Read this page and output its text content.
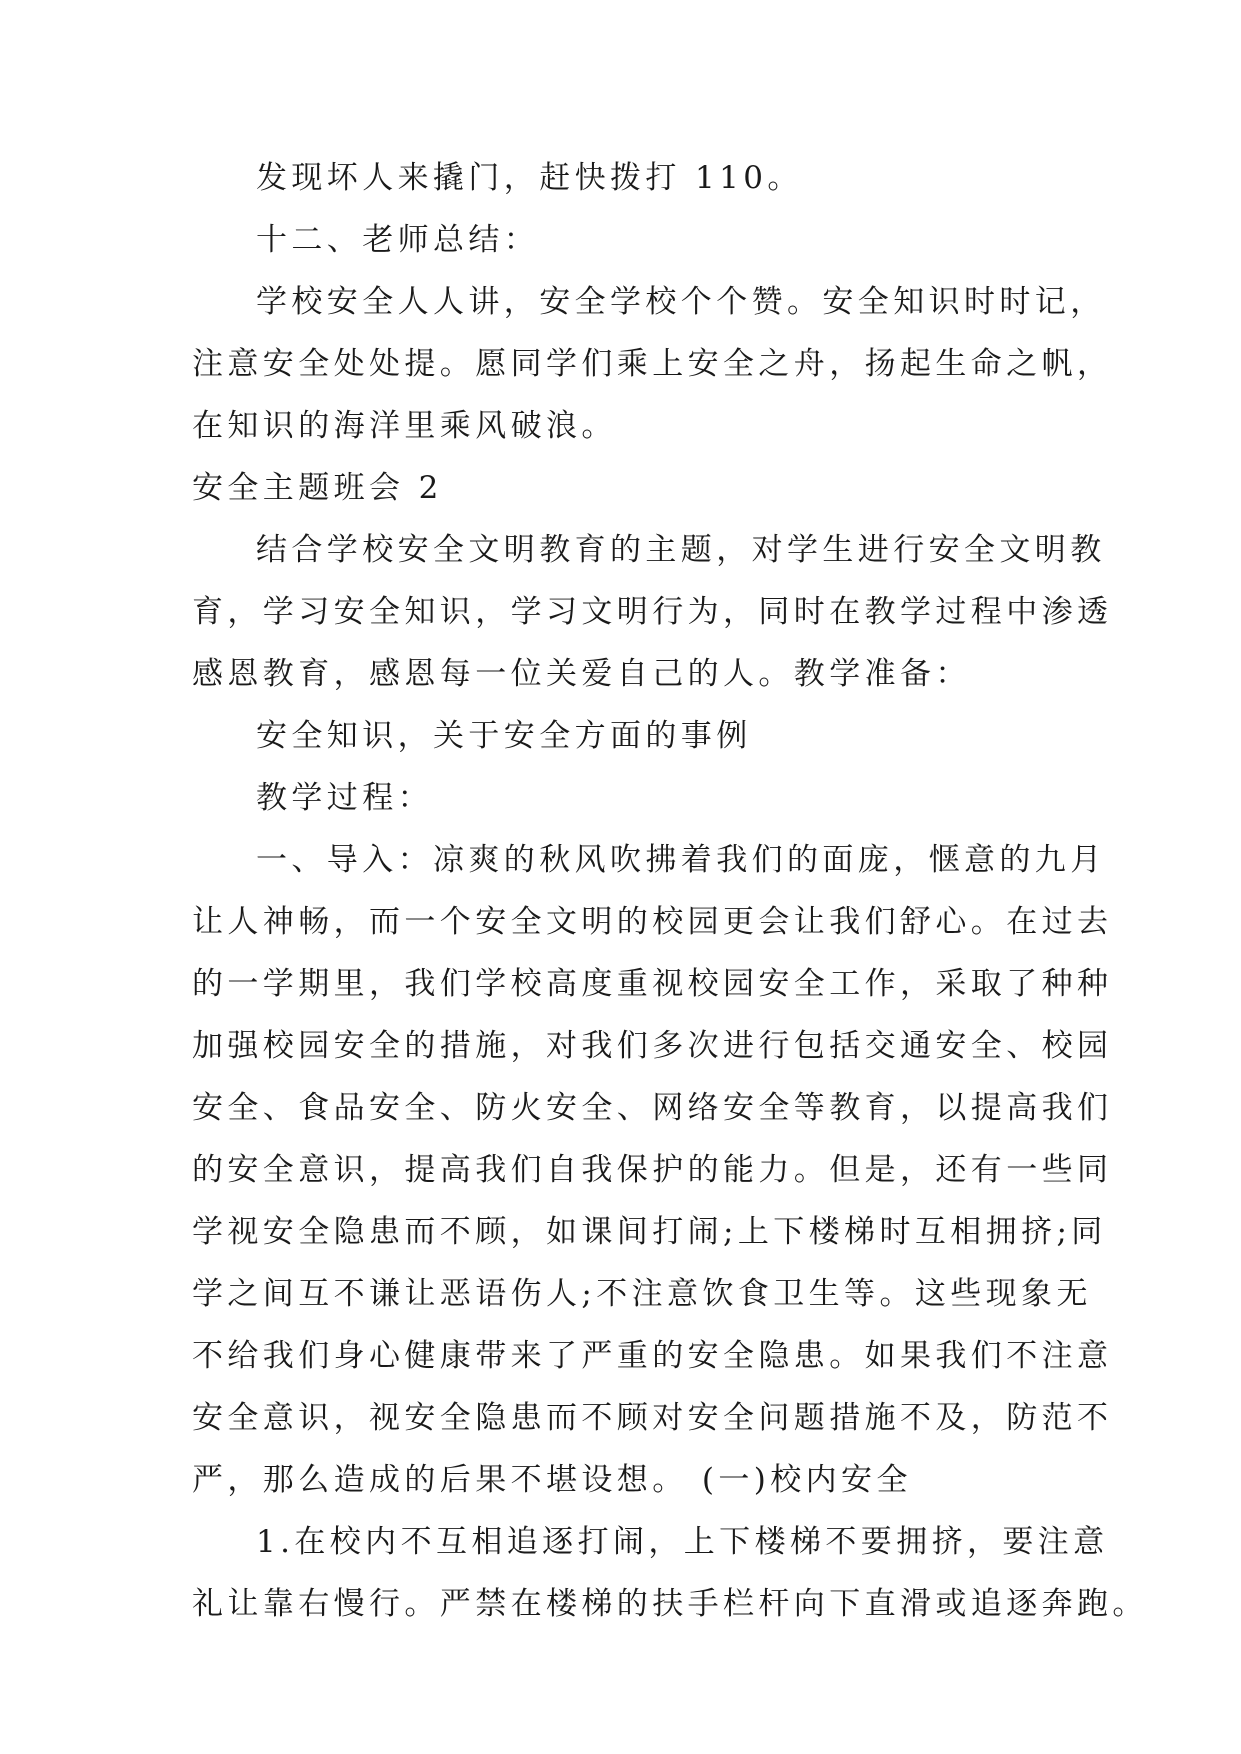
发现坏人来撬门，赶快拨打 110。
十二、老师总结：
学校安全人人讲，安全学校个个赞。安全知识时时记，
注意安全处处提。愿同学们乘上安全之舟，扬起生命之帆，
在知识的海洋里乘风破浪。
安全主题班会 2
结合学校安全文明教育的主题，对学生进行安全文明教
育，学习安全知识，学习文明行为，同时在教学过程中渗透
感恩教育，感恩每一位关爱自己的人。教学准备：
安全知识，关于安全方面的事例
教学过程：
一、导入：凉爽的秋风吹拂着我们的面庞，惬意的九月
让人神畅，而一个安全文明的校园更会让我们舒心。在过去
的一学期里，我们学校高度重视校园安全工作，采取了种种
加强校园安全的措施，对我们多次进行包括交通安全、校园
安全、食品安全、防火安全、网络安全等教育，以提高我们
的安全意识，提高我们自我保护的能力。但是，还有一些同
学视安全隐患而不顾，如课间打闹;上下楼梯时互相拥挤;同
学之间互不谦让恶语伤人;不注意饮食卫生等。这些现象无
不给我们身心健康带来了严重的安全隐患。如果我们不注意
安全意识，视安全隐患而不顾对安全问题措施不及，防范不
严，那么造成的后果不堪设想。 (一)校内安全
1.在校内不互相追逐打闹，上下楼梯不要拥挤，要注意
礼让靠右慢行。严禁在楼梯的扶手栏杆向下直滑或追逐奔跑。
